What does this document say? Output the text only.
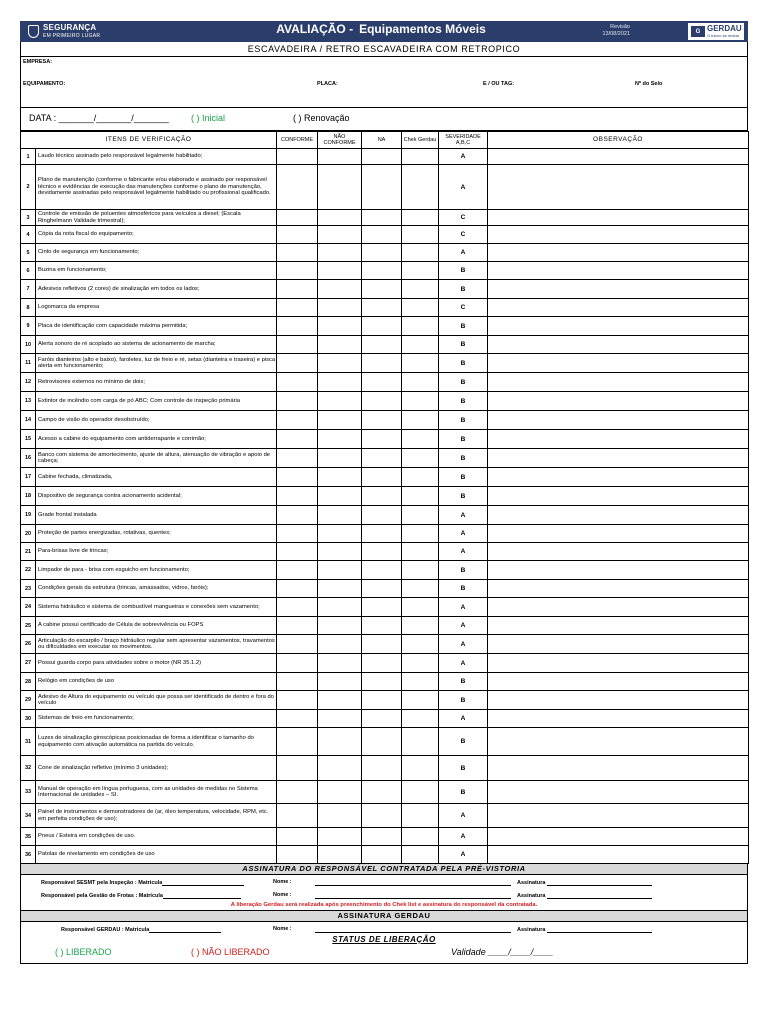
SEGURANÇA
EM PRIMEIRO LUGAR	AVALIAÇÃO - Equipamentos Móveis	Revisão
13/08/2021	G GERDAU
O futuro se molda
ESCAVADEIRA / RETRO ESCAVADEIRA COM RETROPICO
EMPRESA:
EQUIPAMENTO:	PLACA:	E / OU TAG:	Nº do Selo
DATA : _______/_______/_______ ( ) Inicial	( ) Renovação
ITENS DE VERIFICAÇÃO		CONFORME	NÃO CONFORME	NA	Chek Gerdau	SEVERIDADE A,B,C	OBSERVAÇÃO
1	Laudo técnico assinado pelo responsável legalmente habilitado;					A	
2	Plano de manutenção (conforme o fabricante e/ou elaborado e assinado por responsável técnico e evidências de execução das manutenções conforme o plano de manutenção, devidamente assinadas pelo responsável legalmente habilitado ou profissional qualificado.					A	
3	Controle de emissão de poluentes atmosféricos para veículos a diesel; (Escala Ringhelmann Validade trimestral);					C	
4	Cópia da nota fiscal do equipamento;					C	
5	Cinto de segurança em funcionamento;					A	
6	Buzina em funcionamento;					B	
7	Adesivos refletivos (2 cores) de sinalização em todos os lados;					B	
8	Logomarca da empresa					C	
9	Placa de identificação com capacidade máxima permitida;					B	
10	Alerta sonoro de ré acoplado ao sistema de acionamento de marcha;					B	
11	Faróis dianteiros (alto e baixo), faroletes, luz de freio e ré, setas (dianteira e traseira) e pisca alerta em funcionamento;					B	
12	Retrovisores externos no mínimo de dois;					B	
13	Extintor de incêndio com carga de pó ABC; Com controle de inspeção primária					B	
14	Campo de visão do operador desobstruído;					B	
15	Acesso a cabine do equipamento com antiderrapante e corrimão;					B	
16	Banco com sistema de amortecimento, ajuste de altura, atenuação de vibração e apoio de cabeça;					B	
17	Cabine fechada, climatizada,					B	
18	Dispositivo de segurança contra acionamento acidental;					B	
19	Grade frontal instalada					A	
20	Proteção de partes energizadas, rotativas, quentes;					A	
21	Para-brisas livre de trincas;					A	
22	Limpador de para - brisa com esguicho em funcionamento;					B	
23	Condições gerais da estrutura (trincas, amassados, vidros, faróis);					B	
24	Sistema hidráulico e sistema de combustível mangueiras e conexões sem vazamento;					A	
25	A cabine possui certificado de Célula de sobrevivência ou FOPS					A	
26	Articulação do escarpilo / braço hidráulico regular sem apresentar vazamentos, travamentos ou dificuldades em executar os movimentos.					A	
27	Possui guarda corpo para atividades sobre o motor (NR 35.1.2)					A	
28	Relógio em condições de uso					B	
29	Adesivo de Altura do equipamento ou veículo que possa ser identificado de dentro e fora do veículo					B	
30	Sistemas de freio em funcionamento;					A	
31	Luzes de sinalização giroscópicas posicionadas de forma a identificar o tamanho do equipamento com ativação automática na partida do veículo.					B	
32	Cone de sinalização refletivo (mínimo 3 unidades);					B	
33	Manual de operação em língua portuguesa, com as unidades de medidas no Sistema Internacional de unidades – SI.					B	
34	Painel de instrumentos e demonstradores de (ar, óleo temperatura, velocidade, RPM, etc. em perfeita condições de uso);					A	
35	Pneus / Esteira em condições de uso.					A	
36	Patolas de nivelamento em condições de uso					A	
ASSINATURA DO RESPONSÁVEL CONTRATADA PELA PRÉ-VISTORIA
Responsável SESMT pela Inspeção : Matricula	Nome :	Assinatura
Responsável pela Gestão de Frotas : Matricula	Nome :	Assinatura
A liberação Gerdau será realizada após preenchimento do Chek list e assinatura do responsável da contratada.
ASSINATURA GERDAU
Responsável GERDAU : Matricula	Nome :	Assinatura
STATUS DE LIBERAÇÃO
( ) LIBERADO	( ) NÃO LIBERADO	Validade ____/____/____
